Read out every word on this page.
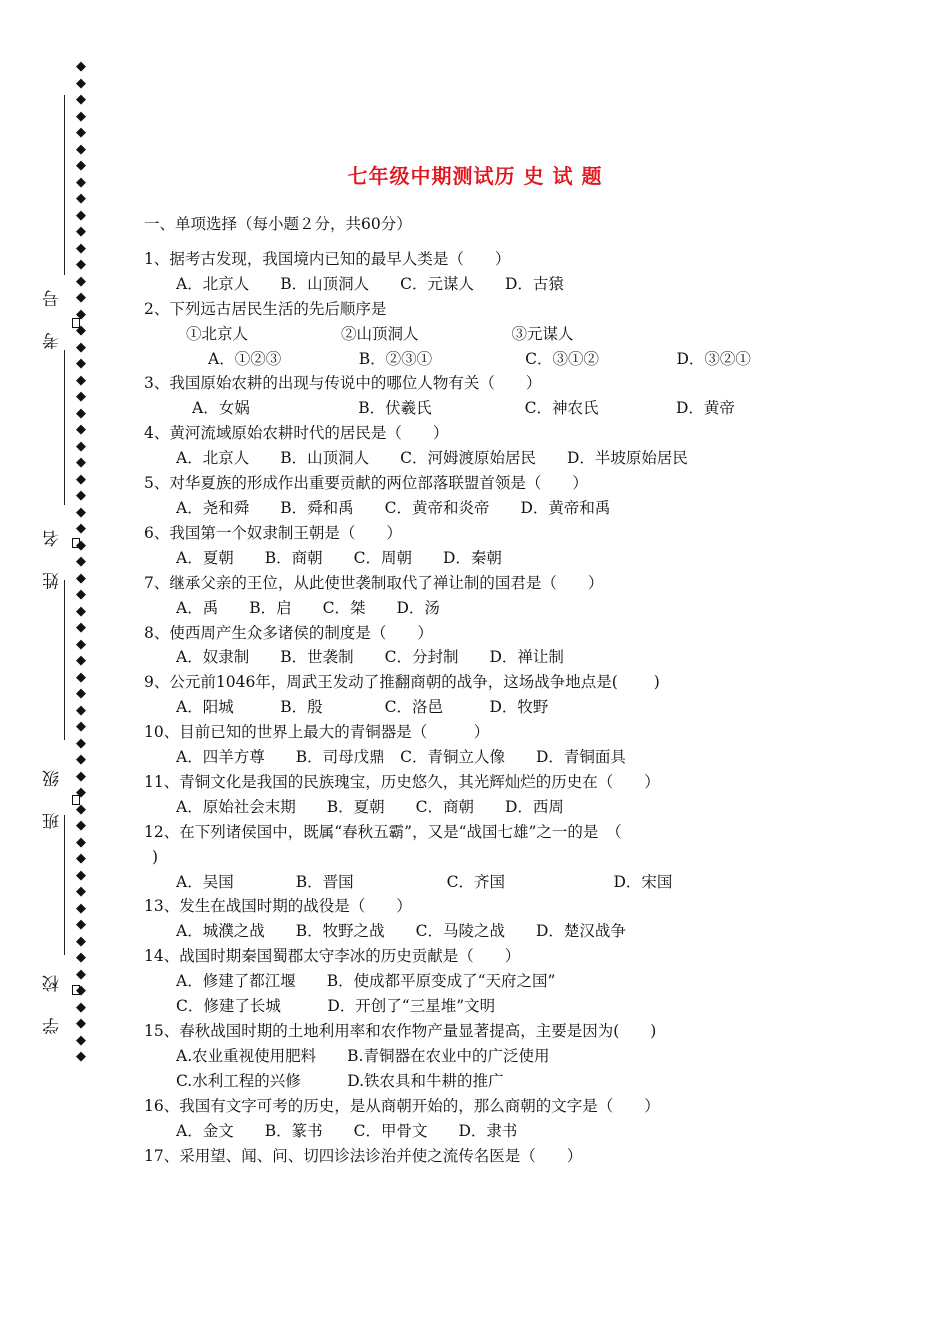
◆
◆
◆
◆
◆
◆
◆
◆
◆
◆
◆
◆
◆
◆
◆
◆
◆
◆
◆
◆
◆
◆
◆
◆
◆
◆
◆
◆
◆
◆
◆
◆
◆
◆
◆
◆
◆
◆
◆
◆
◆
◆
◆
◆
◆
◆
◆
◆
◆
◆
◆
◆
◆
◆
◆
◆
◆
◆
◆
◆
◆
考 号
姓 名
班 级
学 校
七年级中期测试历 史 试 题
一、单项选择（每小题２分，共60分）
1、据考古发现，我国境内已知的最早人类是（　　）
A．北京人　　B．山顶洞人　　C．元谋人　　D．古猿
2、下列远古居民生活的先后顺序是
①北京人　　　　　　②山顶洞人　　　　　　③元谋人
A．①②③　　　　　B．②③①　　　　　　C．③①②　　　　　D．③②①
3、我国原始农耕的出现与传说中的哪位人物有关（　　）
A．女娲　　　　　　　B．伏羲氏　　　　　　C．神农氏　　　　　D．黄帝
4、黄河流域原始农耕时代的居民是（　　）
A．北京人　　B．山顶洞人　　C．河姆渡原始居民　　D．半坡原始居民
5、对华夏族的形成作出重要贡献的两位部落联盟首领是（　　）
A．尧和舜　　B．舜和禹　　C．黄帝和炎帝　　D．黄帝和禹
6、我国第一个奴隶制王朝是（　　）
A．夏朝　　B．商朝　　C．周朝　　D．秦朝
7、继承父亲的王位，从此使世袭制取代了禅让制的国君是（　　）
A．禹　　B．启　　C．桀　　D．汤
8、使西周产生众多诸侯的制度是（　　）
A．奴隶制　　B．世袭制　　C．分封制　　D．禅让制
9、公元前1046年，周武王发动了推翻商朝的战争，这场战争地点是(　　 )
A．阳城　　　B．殷　　　　C．洛邑　　　D．牧野
10、目前已知的世界上最大的青铜器是（　　　）
A．四羊方尊　　B．司母戊鼎　C．青铜立人像　　D．青铜面具
11、青铜文化是我国的民族瑰宝，历史悠久，其光辉灿烂的历史在（　　）
A．原始社会末期　　B．夏朝　　C．商朝　　D．西周
12、在下列诸侯国中，既属“春秋五霸”，又是“战国七雄”之一的是　（
)
A．吴国　　　　B．晋国　　　　　　C．齐国　　　　　　　D．宋国
13、发生在战国时期的战役是（　　）
A．城濮之战　　B．牧野之战　　C．马陵之战　　D．楚汉战争
14、战国时期秦国蜀郡太守李冰的历史贡献是（　　）
A．修建了都江堰　　B．使成都平原变成了“天府之国”
C．修建了长城　　　D．开创了“三星堆”文明
15、春秋战国时期的土地利用率和农作物产量显著提高，主要是因为(　　)
A.农业重视使用肥料　　B.青铜器在农业中的广泛使用
C.水利工程的兴修　　　D.铁农具和牛耕的推广
16、我国有文字可考的历史，是从商朝开始的，那么商朝的文字是（　　）
A．金文　　B．篆书　　C．甲骨文　　D．隶书
17、采用望、闻、问、切四诊法诊治并使之流传名医是（　　）
